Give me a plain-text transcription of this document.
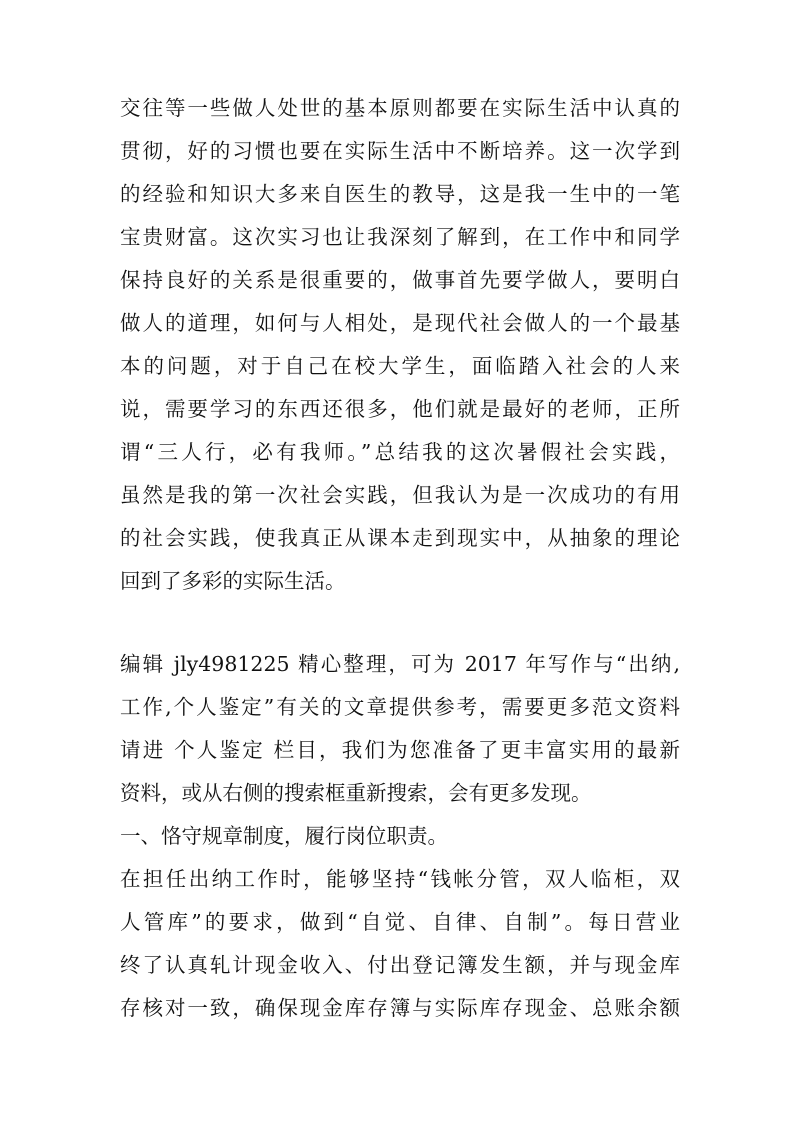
交往等一些做人处世的基本原则都要在实际生活中认真的
贯彻，好的习惯也要在实际生活中不断培养。这一次学到
的经验和知识大多来自医生的教导，这是我一生中的一笔
宝贵财富。这次实习也让我深刻了解到，在工作中和同学
保持良好的关系是很重要的，做事首先要学做人，要明白
做人的道理，如何与人相处，是现代社会做人的一个最基
本的问题，对于自己在校大学生，面临踏入社会的人来
说，需要学习的东西还很多，他们就是最好的老师，正所
谓“三人行，必有我师。”总结我的这次暑假社会实践，
虽然是我的第一次社会实践，但我认为是一次成功的有用
的社会实践，使我真正从课本走到现实中，从抽象的理论
回到了多彩的实际生活。
编辑 jly4981225 精心整理，可为 2017 年写作与“出纳,
工作,个人鉴定”有关的文章提供参考，需要更多范文资料
请进 个人鉴定 栏目，我们为您准备了更丰富实用的最新
资料，或从右侧的搜索框重新搜索，会有更多发现。
一、恪守规章制度，履行岗位职责。
在担任出纳工作时，能够坚持“钱帐分管，双人临柜，双
人管库”的要求，做到“自觉、自律、自制”。每日营业
终了认真轧计现金收入、付出登记簿发生额，并与现金库
存核对一致，确保现金库存簿与实际库存现金、总账余额
